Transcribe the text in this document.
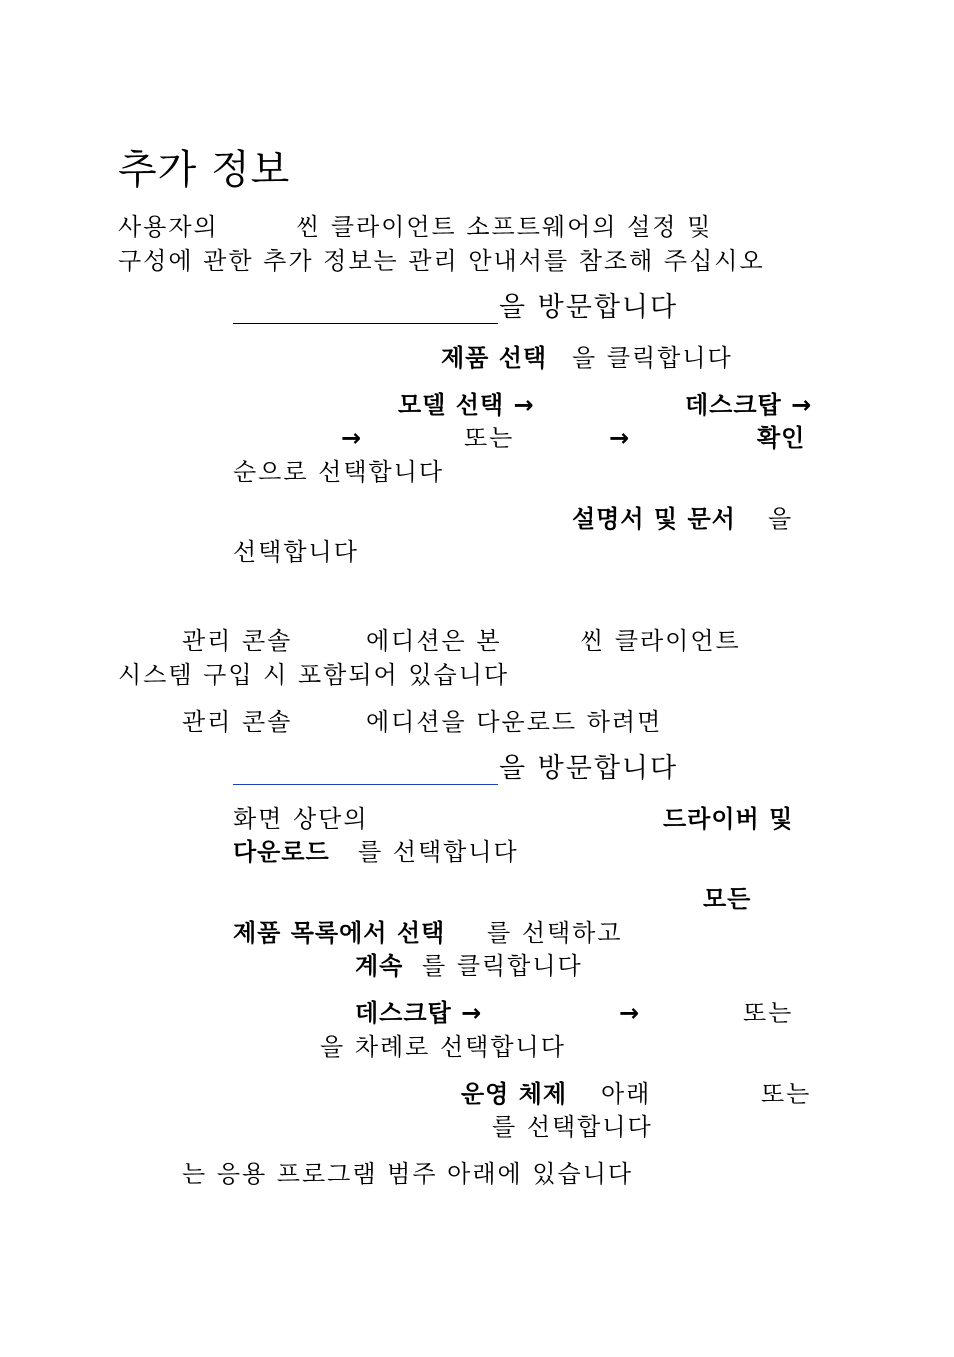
추가 정보
사용자의	씬 클라이언트 소프트웨어의 설정 및
구성에 관한 추가 정보는 관리 안내서를 참조해 주십시오
을 방문합니다
제품 선택 을 클릭합니다
모델 선택 →	데스크탑 →
→	또는	→	확인
순으로 선택합니다
설명서 및 문서 을
선택합니다
관리 콘솔	에디션은 본	씬 클라이언트
시스템 구입 시 포함되어 있습니다
관리 콘솔	에디션을 다운로드 하려면
을 방문합니다
화면 상단의	드라이버 및
다운로드 를 선택합니다
모든
제품 목록에서 선택 를 선택하고
계속 를 클릭합니다
데스크탑 →	→	또는
을 차례로 선택합니다
운영 체제 아래	또는
를 선택합니다
는 응용 프로그램 범주 아래에 있습니다
